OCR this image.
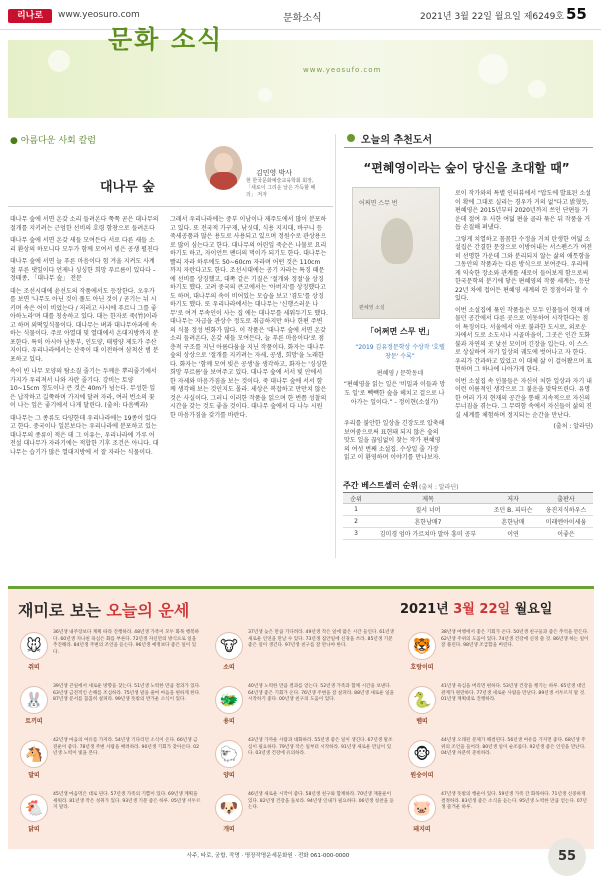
리나로	www.yeosuro.com	문화소식	2021년 3월 22일 월요일 제6249호 55
문화 소식
www.yeosufo.com
● 아름다운 사회 칼럼
대나무 숲
김민영 박사
현 한국문화예술교육학회 회장, 「새로이 그리운 날은 가득할 때의」 저자

대나무 숲에 서면 온갖 소리 들려온다 쭉쭉 곧은 대나무의 절개를 지키려는 근엄한 선비의 호령 함창으로 들려온다

대나무 숲에 서면 온갖 새들 모여든다 서로 다른 새들 소리 환상의 하모니다 모두가 함께 모여서 빚은 공생 펼친다

대나무 숲에 서면 늘 푸른 마음이다 험 겨울 지켜도 사계절 푸른 댓잎이다 언제나 싱싱한 희망 푸르름이 있다다 – 정태종, 「대나무 숲」 전문

대는 조선시대에 윤선도의 작품에서도 등장한다. 오우가를 보면 '나무도 아닌 것이 풀도 아닌 것이 / 곧기는 뉘 시키며 속은 어이 비었는다 / 저러고 사시에 푸르니 그를 좋아하노라'며 대를 칭송하고 있다. 대는 한자로 죽(竹)이라고 하며 외떡잎식물이다. 대나무는 벼과 대나무아과에 속하는 식물이다. 주로 아열대 및 열대에서 온대지방까지 분포한다. 특히 아시아 남동부, 인도양, 태평양 제도가 주산지이다. 우리나라에서는 산죽이 대 이전하여 삼척산 범 분포하고 있다.

속이 빈 나무 모양의 탐소질 줄기는 두께운 뿌리줄기에서 가지가 우리져서 나와 자란 줄기다. 강비는 토양 10~15cm 정도이나 큰 것은 40m가 넘는다. 무성한 잎은 납작하고 길쭉하며 가지에 달려 자라, 여러 번소의 꽃이 나는 잎은 좋기에서 나게 달린다. (출처: 다음백과)

대나무는 그 종류도 다양한데 우리나라에는 19종이 있다고 한다. 중국이나 일본보다는 우리나라에 분포하고 있는 대나무의 종류이 적은 데 그 이유는, 우리나라에 가루 어전설 대나무가 자라기에는 적합한 기후 조건은 아니다. 대나무는 습기가 많은 열대지방에 서 잘 자라는 식물이다.

그래서 우리나라에는 중부 이남이나 제주도에서 많이 분포하고 있다. 또 전국적 가구재, 낚싯대, 식용 지지대, 바구니 등 죽세공품과 많은 용도로 사용되고 있으며 정원수로 관상용으로 많이 심는다고 한다. 대나무의 어린잎 죽순은 나물로 요리하기도 하고, 자이언트 팬더의 먹이가 되기도 한다. 대나무는 빨리 자라 하루에도 50~60cm 자라며 어떤 것은 110cm 까지 자란다고도 한다. 조선시대에는 공기 자라는 특징 때문에 선비를 상징했고, 대쪽 같은 기질은 '절개와 정절'을 상징하기도 했다. 고려 중국의 큰고에서는 '아버지'를 상징했다고도 하며, 대나무의 속이 비어있는 모습을 보고 '겸도'를 상징하기도 했다. 또 우리나라에서는 대나무는 '신행스러운 나무'로 여겨 무속인이 사는 집 에는 대나무를 세워두기도 했다. 대나무는 자급을 관상수 정도로 취급하지만 하나 한편 주변의 식물 정성 변화가 많다. 이 작품은 '대나무 숲에 서면 온갖 소리 들려온다, 온갖 새들 모여든다, 늘 푸른 마음이다'로 점층적 구조를 지닌 아름다움을 지닌 작품이다. 화자는 대나무 숲의 상상으로 '절개를 지키려는 자세, 공생, 희망'을 노래한다. 화자는 '함께 모여 빚은 공생'을 생각하고, 화자는 '싱싱한 희망 푸르름'을 보여주고 있다. 대나무 숲에 서서 빛 안에서 한 자세와 마음가짐을 보는 것이다. 죽 대나무 숲에 서서 함께 생각해 보는 것인지도 몰라. 세상은 복잡하고 만만치 않은 것은 사실이다. 그러니 이러한 작품을 읽으며 한 번쯤 성찰의 시간을 갖는 것도 좋을 것이다. 대나무 숲에서 다 나누 시원한 마음가짐을 갖기를 바란다.
오늘의 추천도서
“편혜영이라는 숲이 당신을 초대할 때”
어쩌면 스무 번
편혜영 소설
「어쩌면 스무 번」
“2019 김유정문학상 수상작 '호텔 창문' 수록”
편혜영 / 문학동네
“편혜영을 읽는 일은 '비밀과 이들과 망도 일'로 빽빽한 숲을 헤치고 걸으로 나아가는 일이다.” - 정이현(소설가)
우리를 불안한 일상을 긴장도로 압축해 보여줌으로써 표현돼 되지 않은 숲의 맛도 일을 끊임없이 찾는 작가 편혜영의 여섯 번째 소설집. 수상일 줄 가장 읽고 이 환영하며 이야기를 만나보자.

로이 작가와의 특별 인터뷰에서 "압도에 발표된 소설이 확에 그대로 실리는 경우가 거의 없"다고 밝혔듯, 편혜영은 2015년부터 2020년까지 쓰인 단편들 가운데 절여 우 사한 여덟 편을 골라 묶은 뒤 작품을 거듭 손질해 펴냈다.

그렇게 치열하고 꼼꼼한 수정을 거쳐 탄생한 여덟 소설집은 간결한 문장으로 이방어내는 서스펜스가 여전히 선명한 가운데 그와 분리되지 않는 삶의 애틋함을 그동안의 작품과는 다른 방식으로 보여준다. 우리에게 익숙한 장소와 관계를 새로이 들어보게 함으로써 한국문학의 분기에 닿은 편혜영의 작품 세계는, 등단 22년 차에 접어든 편혜영 세계의 한 정점이라 할 수 있다.

이번 소설집에 묶인 작품들은 모두 인물들이 현재 머물던 공간에서 다른 곳으로 이동하여 시작한다는 점이 특징이다. 서울에서 아로 불과한 도시로, 외로운 자에서 도로 소도시나 시골마을이, 그곳은 인간 도화불과 자연의 곳 낯선 모이며 긴장을 입는다. 이 스스로 상실하여 자기 일상의 궤도에 벗어나고 자 한다. 우리가 간과하고 있었고 이 대체 삶 이 걸어봤으며 표현하며 그 하나에 나아가게 한다.

이번 소설집 속 인물들은 자신이 처한 일상과 자기 내 이런 이름적인 생각으로 그 불운을 맞닥뜨린다. 유명한 여러 가지 현재의 공간을 통해 지속적으로 자신의 무너짐을 겪는다. 그 무력함 속에서 자신들이 삶의 진실 세계를 체험하며 정지되는 순간을 만난다.

(출처 : 알라딘)

주간 베스트셀러 순위 (출처 : 알라딘)
순위	제목	저자	출판사
1	질서 너머	조던 B. 피터슨	웅진지식하우스
2	흔한남매7	흔한남매	미래엔아이세움
3	김미경 엄마 가르치마 말아 흥미 공부	이연	이좋은
재미로 보는 오늘의 운세	2021년 3월 22일 월요일
🐭
쥐띠
36년생 내주장보다 계획 따라 진행하라. 48년생 가족이 모두 화목 행복하다. 60년생 지나친 욕심은 화를 부른다. 72년생 자신만의 방식으로 일을 추진해라. 84년생 주변의 조언을 듣는다. 96년생 예정보다 좋은 일이 있다.	🐮
소띠
37년생 늦은 만큼 기다려라. 49년생 작은 일에 많은 시간 들인다. 61년생 새로운 인연을 만날 수 있다. 73년생 집안일에 신경을 쓰라. 85년생 기분 좋은 일이 생긴다. 97년생 친구를 잘 만나야 한다.	🐯
호랑이띠
38년생 여행에서 좋은 기회가 온다. 50년생 친구들과 좋은 추억을 만든다. 62년생 주위의 도움이 있다. 74년생 건강에 신경 쓸 것. 86년생 하는 일이 잘 풀린다. 98년생 조급함을 버린다.
🐰
토끼띠
39년생 큰일에서 새로운 방향을 찾는다. 51년생 노력한 만큼 결과가 있다. 63년생 금전적인 손해를 조심하라. 75년생 말을 줄여 마음을 편하게 한다. 87년생 문서를 꼼꼼히 살펴라. 99년생 뜻밖의 반가운 소식이 있다.	🐲
용띠
40년생 노력한 만큼 결과를 얻는다. 52년생 가족과 함께 시간을 보낸다. 64년생 좋은 기회가 온다. 76년생 주변을 잘 살펴라. 88년생 새로운 일을 시작하기 좋다. 00년생 친구의 도움이 있다.	🐍
뱀띠
41년생 욕심을 버리면 편하다. 53년생 건강을 챙기는 하루. 65년생 대인관계가 원만하다. 77년생 새로운 사람을 만난다. 89년생 서두르지 말 것. 01년생 계획대로 진행하라.
🐴
말띠
42년생 마음의 여유를 가져라. 54년생 기다리던 소식이 온다. 66년생 금전운이 좋다. 78년생 주변 사람을 배려하라. 90년생 기회가 찾아온다. 02년생 노력이 빛을 본다.	🐑
양띠
43년생 가까운 사람과 대화하라. 55년생 좋은 일이 생긴다. 67년생 말조심이 필요하다. 79년생 작은 일부터 시작하라. 91년생 새로운 만남이 있다. 03년생 건강에 유의하라.	🐵
원숭이띠
44년생 오래된 문제가 해결된다. 56년생 여유를 가지면 좋다. 68년생 주위의 조언을 들어라. 80년생 일이 순조롭다. 92년생 좋은 인연을 만난다. 04년생 차분히 준비하라.
🐔
닭띠
45년생 마음먹은 대로 된다. 57년생 가족의 기쁨이 있다. 69년생 계획을 세워라. 81년생 작은 성취가 있다. 93년생 기분 좋은 하루. 05년생 서두르지 말라.	🐶
개띠
46년생 새로운 시작이 좋다. 58년생 친구와 함께하라. 70년생 재물운이 있다. 82년생 건강을 돌보라. 94년생 인내가 필요하다. 06년생 칭찬을 듣는다.	🐷
돼지띠
47년생 뜻밖의 행운이 있다. 59년생 가족 간 화목하다. 71년생 신중하게 결정하라. 83년생 좋은 소식을 듣는다. 95년생 노력한 만큼 얻는다. 07년생 즐거운 하루.
사주, 타로, 궁합, 작명 · 명장작명운세문화원 · 전화 061-000-0000	55
